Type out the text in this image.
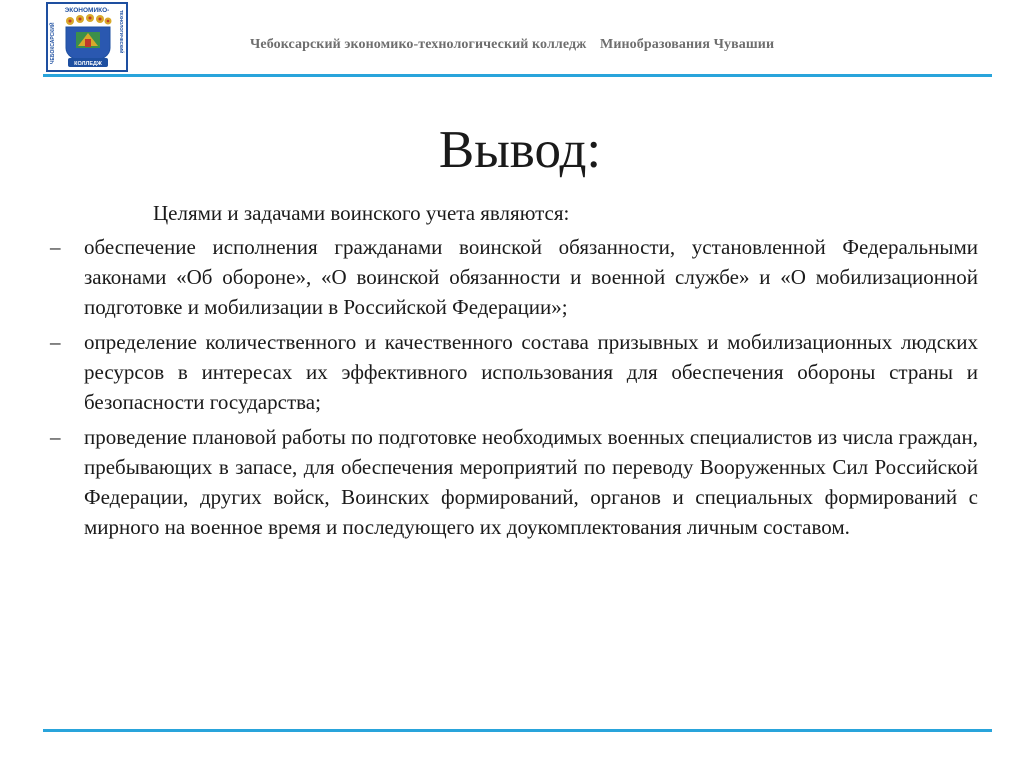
ЭКОНОМИКО-
ЧЕБОКСАРСКИЙ	ТЕХНОЛОГИЧЕСКИЙ
КОЛЛЕДЖ
Чебоксарский экономико-технологический колледж Минобразования Чувашии
Вывод:

Целями и задачами воинского учета являются:

–	обеспечение исполнения гражданами воинской обязанности, установленной Федеральными законами «Об обороне», «О воинской обязанности и военной службе» и «О мобилизационной подготовке и мобилизации в Российской Федерации»;
–	определение количественного и качественного состава призывных и мобилизационных людских ресурсов в интересах их эффективного использования для обеспечения обороны страны и безопасности государства;
–	проведение плановой работы по подготовке необходимых военных специалистов из числа граждан, пребывающих в запасе, для обеспечения мероприятий по переводу Вооруженных Сил Российской Федерации, других войск, Воинских формирований, органов и специальных формирований с мирного на военное время и последующего их доукомплектования личным составом.
